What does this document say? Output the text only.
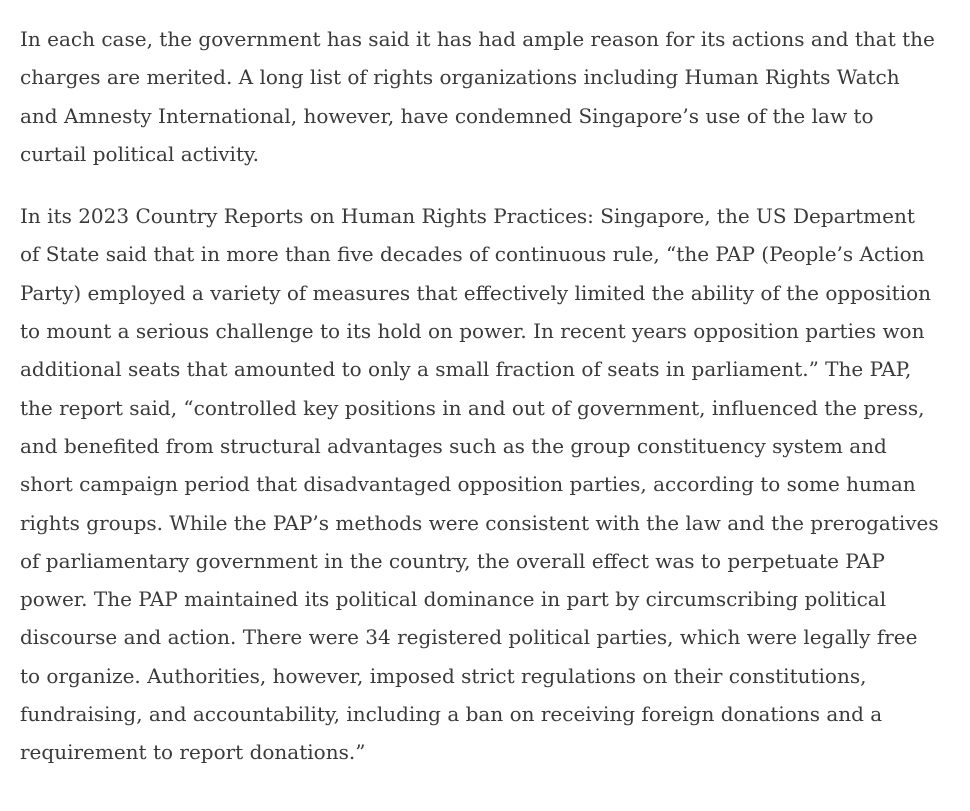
In each case, the government has said it has had ample reason for its actions and that the charges are merited. A long list of rights organizations including Human Rights Watch and Amnesty International, however, have condemned Singapore’s use of the law to curtail political activity.

In its 2023 Country Reports on Human Rights Practices: Singapore, the US Department of State said that in more than five decades of continuous rule, “the PAP (People’s Action Party) employed a variety of measures that effectively limited the ability of the opposition to mount a serious challenge to its hold on power. In recent years opposition parties won additional seats that amounted to only a small fraction of seats in parliament.” The PAP, the report said, “controlled key positions in and out of government, influenced the press, and benefited from structural advantages such as the group constituency system and short campaign period that disadvantaged opposition parties, according to some human rights groups. While the PAP’s methods were consistent with the law and the prerogatives of parliamentary government in the country, the overall effect was to perpetuate PAP power. The PAP maintained its political dominance in part by circumscribing political discourse and action. There were 34 registered political parties, which were legally free to organize. Authorities, however, imposed strict regulations on their constitutions, fundraising, and accountability, including a ban on receiving foreign donations and a requirement to report donations.”
